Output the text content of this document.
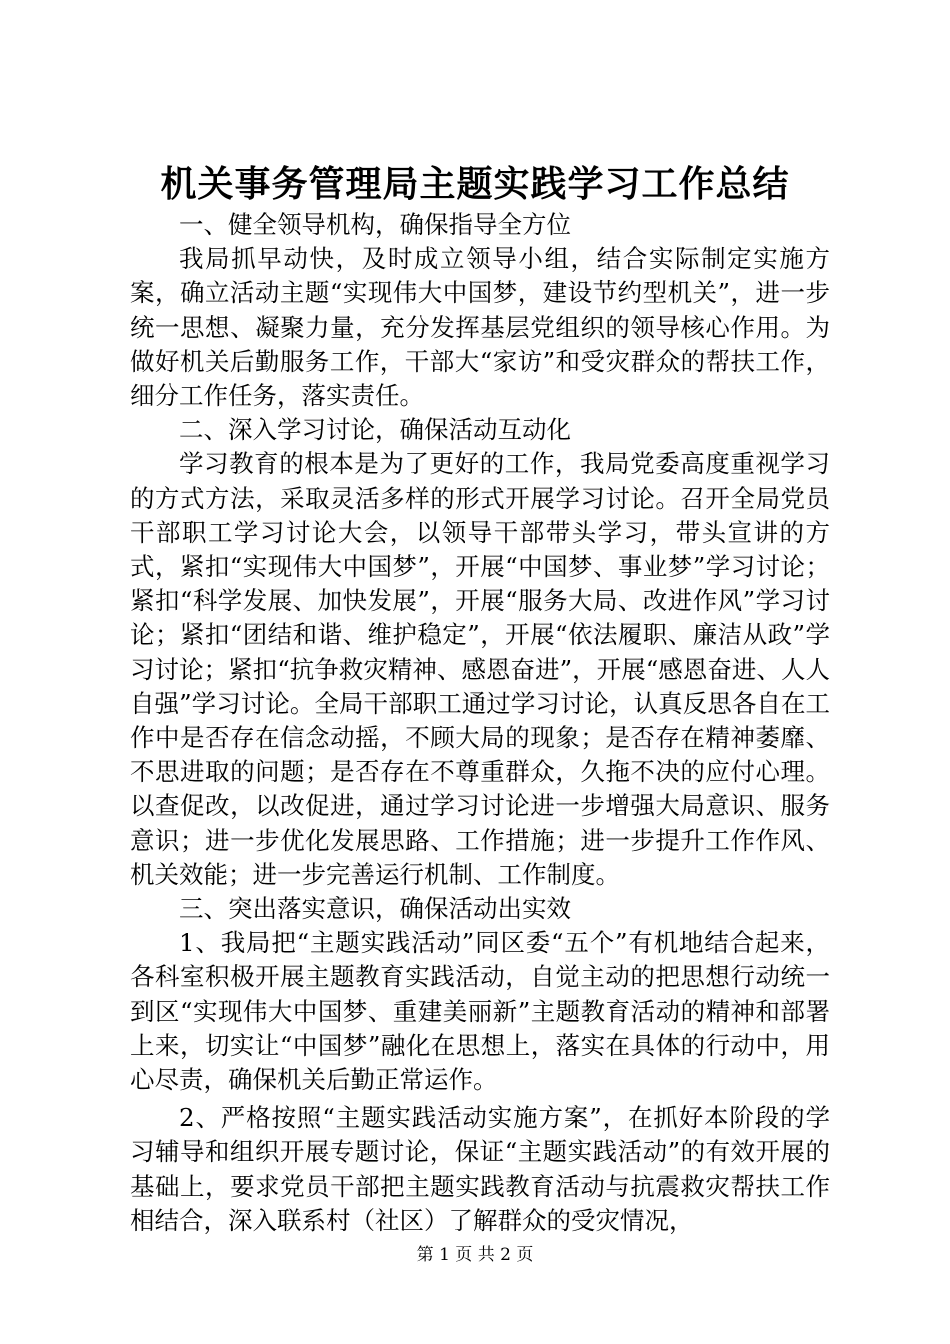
机关事务管理局主题实践学习工作总结

一、健全领导机构，确保指导全方位

我局抓早动快，及时成立领导小组，结合实际制定实施方案，确立活动主题“实现伟大中国梦，建设节约型机关”，进一步统一思想、凝聚力量，充分发挥基层党组织的领导核心作用。为做好机关后勤服务工作，干部大“家访”和受灾群众的帮扶工作，细分工作任务，落实责任。

二、深入学习讨论，确保活动互动化

学习教育的根本是为了更好的工作，我局党委高度重视学习的方式方法，采取灵活多样的形式开展学习讨论。召开全局党员干部职工学习讨论大会，以领导干部带头学习，带头宣讲的方式，紧扣“实现伟大中国梦”，开展“中国梦、事业梦”学习讨论；紧扣“科学发展、加快发展”，开展“服务大局、改进作风”学习讨论；紧扣“团结和谐、维护稳定”，开展“依法履职、廉洁从政”学习讨论；紧扣“抗争救灾精神、感恩奋进”，开展“感恩奋进、人人自强”学习讨论。全局干部职工通过学习讨论，认真反思各自在工作中是否存在信念动摇，不顾大局的现象；是否存在精神萎靡、不思进取的问题；是否存在不尊重群众，久拖不决的应付心理。以查促改，以改促进，通过学习讨论进一步增强大局意识、服务意识；进一步优化发展思路、工作措施；进一步提升工作作风、机关效能；进一步完善运行机制、工作制度。

三、突出落实意识，确保活动出实效

1、我局把“主题实践活动”同区委“五个”有机地结合起来，各科室积极开展主题教育实践活动，自觉主动的把思想行动统一到区“实现伟大中国梦、重建美丽新”主题教育活动的精神和部署上来，切实让“中国梦”融化在思想上，落实在具体的行动中，用心尽责，确保机关后勤正常运作。

2、严格按照“主题实践活动实施方案”，在抓好本阶段的学习辅导和组织开展专题讨论，保证“主题实践活动”的有效开展的基础上，要求党员干部把主题实践教育活动与抗震救灾帮扶工作相结合，深入联系村（社区）了解群众的受灾情况，

第 1 页 共 2 页
